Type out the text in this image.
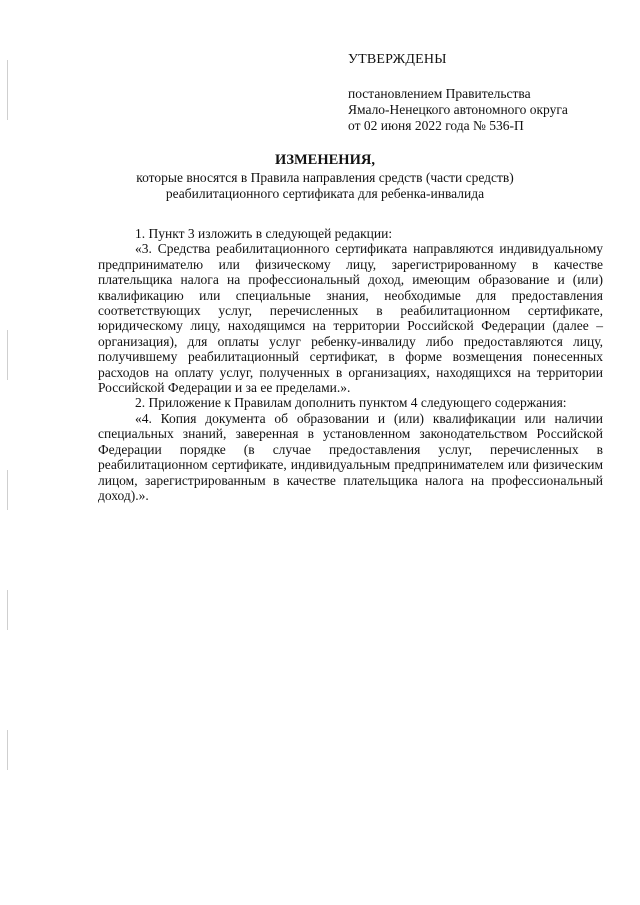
УТВЕРЖДЕНЫ
постановлением Правительства
Ямало-Ненецкого автономного округа
от 02 июня 2022 года № 536-П
ИЗМЕНЕНИЯ,
которые вносятся в Правила направления средств (части средств)
реабилитационного сертификата для ребенка-инвалида

1. Пункт 3 изложить в следующей редакции:

«3. Средства реабилитационного сертификата направляются индивидуальному предпринимателю или физическому лицу, зарегистрированному в качестве плательщика налога на профессиональный доход, имеющим образование и (или) квалификацию или специальные знания, необходимые для предоставления соответствующих услуг, перечисленных в реабилитационном сертификате, юридическому лицу, находящимся на территории Российской Федерации (далее – организация), для оплаты услуг ребенку-инвалиду либо предоставляются лицу, получившему реабилитационный сертификат, в форме возмещения понесенных расходов на оплату услуг, полученных в организациях, находящихся на территории Российской Федерации и за ее пределами.».

2. Приложение к Правилам дополнить пунктом 4 следующего содержания:

«4. Копия документа об образовании и (или) квалификации или наличии специальных знаний, заверенная в установленном законодательством Российской Федерации порядке (в случае предоставления услуг, перечисленных в реабилитационном сертификате, индивидуальным предпринимателем или физическим лицом, зарегистрированным в качестве плательщика налога на профессиональный доход).».
